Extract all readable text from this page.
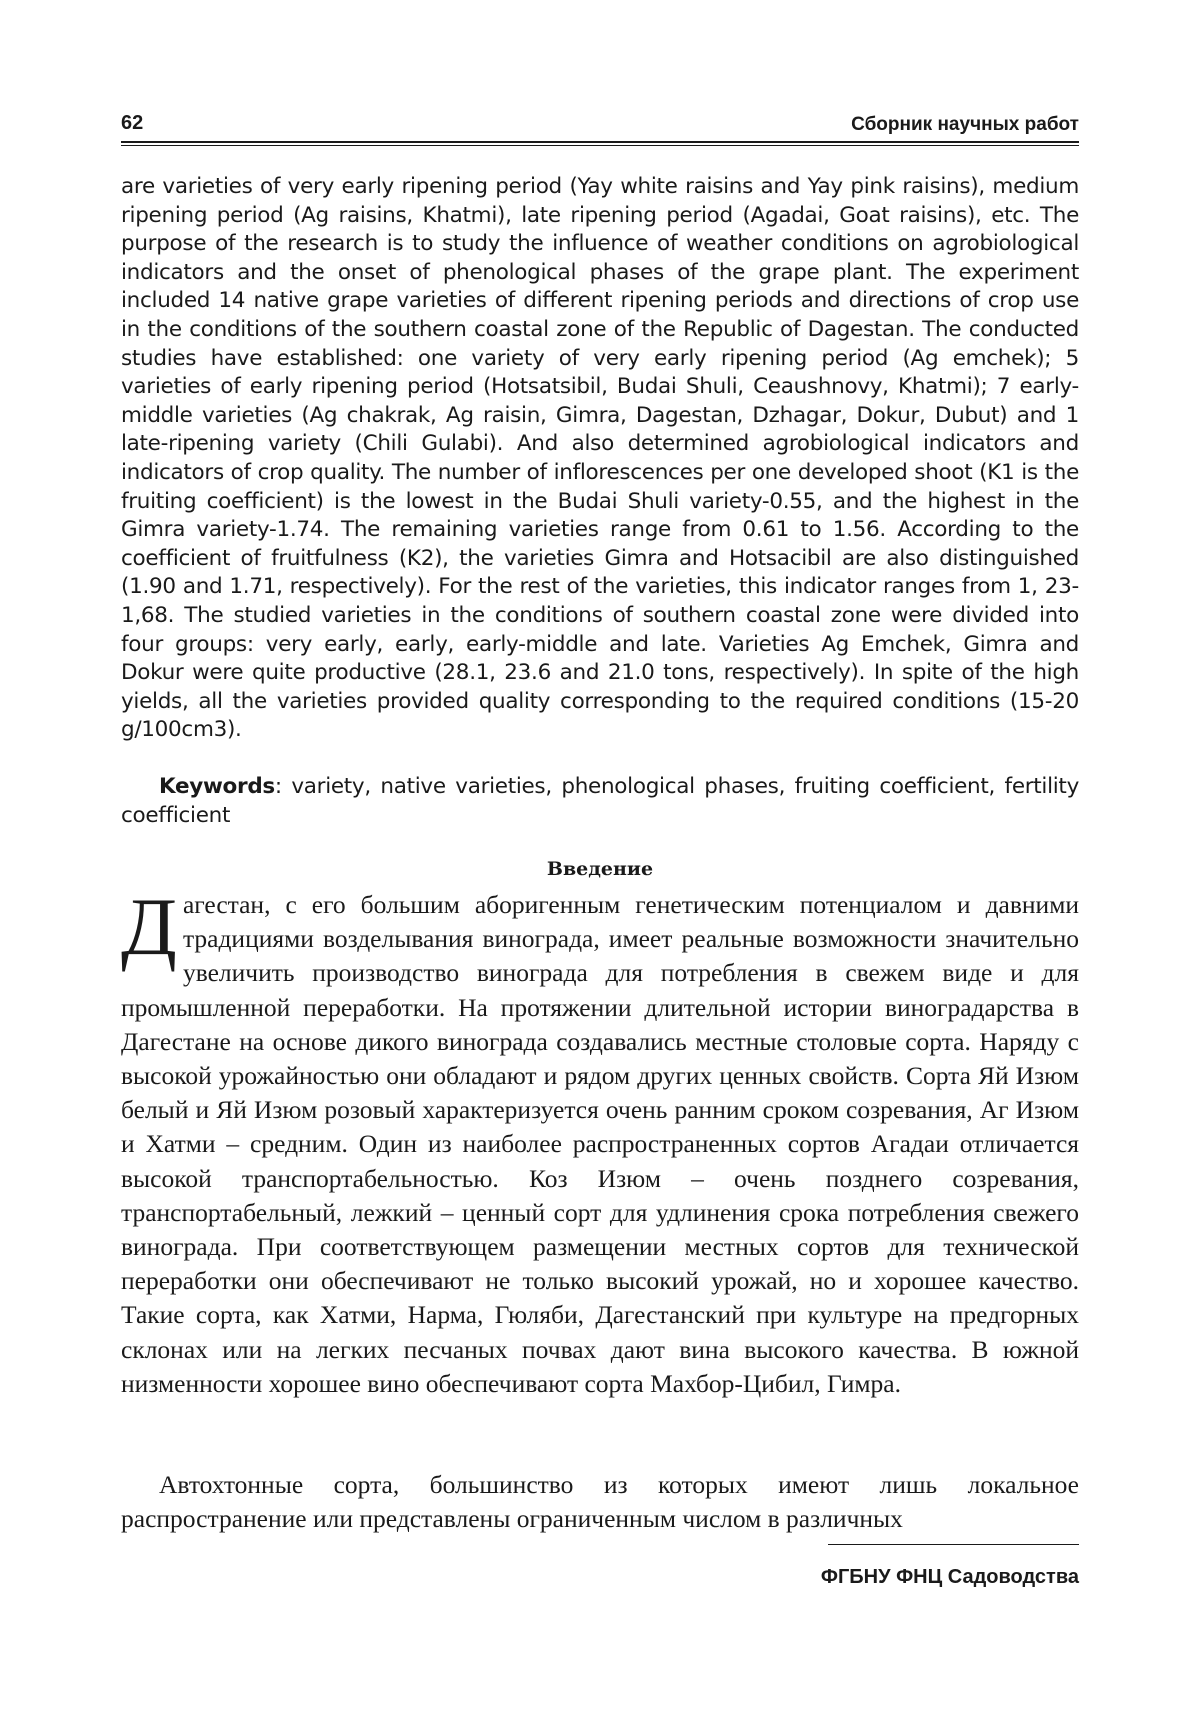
62	Сборник научных работ

are varieties of very early ripening period (Yay white raisins and Yay pink raisins), medium ripening period (Ag raisins, Khatmi), late ripening period (Agadai, Goat raisins), etc. The purpose of the research is to study the influence of weather conditions on agrobiological indicators and the onset of phenological phases of the grape plant. The experiment included 14 native grape varieties of different ripening periods and directions of crop use in the conditions of the southern coastal zone of the Republic of Dagestan. The conducted studies have established: one variety of very early ripening period (Ag emchek); 5 varieties of early ripening period (Hotsatsibil, Budai Shuli, Ceaushnovy, Khatmi); 7 early-middle varieties (Ag chakrak, Ag raisin, Gimra, Dagestan, Dzhagar, Dokur, Dubut) and 1 late-ripening variety (Chili Gulabi). And also determined agrobiological indicators and indicators of crop quality. The number of inflorescences per one developed shoot (K1 is the fruiting coefficient) is the lowest in the Budai Shuli variety-0.55, and the highest in the Gimra variety-1.74. The remaining varieties range from 0.61 to 1.56. According to the coefficient of fruitfulness (K2), the varieties Gimra and Hotsacibil are also distinguished (1.90 and 1.71, respectively). For the rest of the varieties, this indicator ranges from 1, 23-1,68. The studied varieties in the conditions of southern coastal zone were divided into four groups: very early, early, early-middle and late. Varieties Ag Emchek, Gimra and Dokur were quite productive (28.1, 23.6 and 21.0 tons, respectively). In spite of the high yields, all the varieties provided quality corresponding to the required conditions (15-20 g/100cm3).

Keywords: variety, native varieties, phenological phases, fruiting coefficient, fertility coefficient

Введение

Дагестан, с его большим аборигенным генетическим потенциалом и давними традициями возделывания винограда, имеет реальные возможности значительно увеличить производство винограда для потребления в свежем виде и для промышленной переработки. На протяжении длительной истории виноградарства в Дагестане на основе дикого винограда создавались местные столовые сорта. Наряду с высокой урожайностью они обладают и рядом других ценных свойств. Сорта Яй Изюм белый и Яй Изюм розовый характеризуется очень ранним сроком созревания, Аг Изюм и Хатми – средним. Один из наиболее распространенных сортов Агадаи отличается высокой транспортабельностью. Коз Изюм – очень позднего созревания, транспортабельный, лежкий – ценный сорт для удлинения срока потребления свежего винограда. При соответствующем размещении местных сортов для технической переработки они обеспечивают не только высокий урожай, но и хорошее качество. Такие сорта, как Хатми, Нарма, Гюляби, Дагестанский при культуре на предгорных склонах или на легких песчаных почвах дают вина высокого качества. В южной низменности хорошее вино обеспечивают сорта Махбор-Цибил, Гимра.

Автохтонные сорта, большинство из которых имеют лишь локальное распространение или представлены ограниченным числом в различных

ФГБНУ ФНЦ Садоводства
